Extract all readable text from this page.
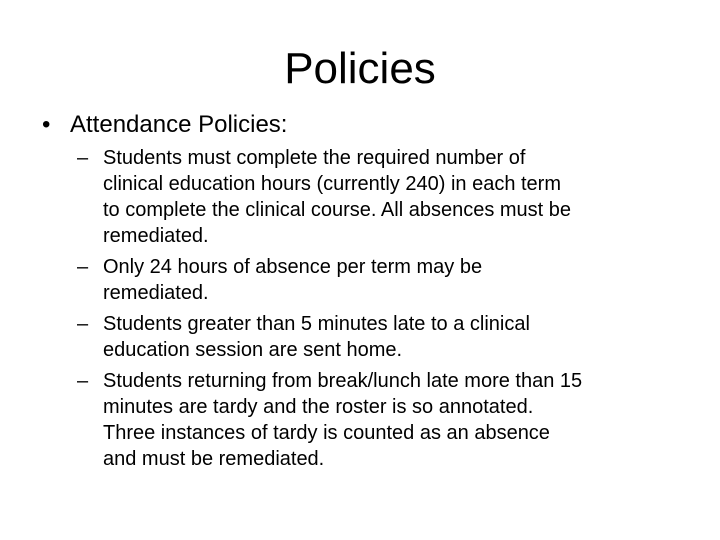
Policies
• Attendance Policies:
– Students must complete the required number of
clinical education hours (currently 240) in each term
to complete the clinical course. All absences must be
remediated.
– Only 24 hours of absence per term may be
remediated.
– Students greater than 5 minutes late to a clinical
education session are sent home.
– Students returning from break/lunch late more than 15
minutes are tardy and the roster is so annotated.
Three instances of tardy is counted as an absence
and must be remediated.
